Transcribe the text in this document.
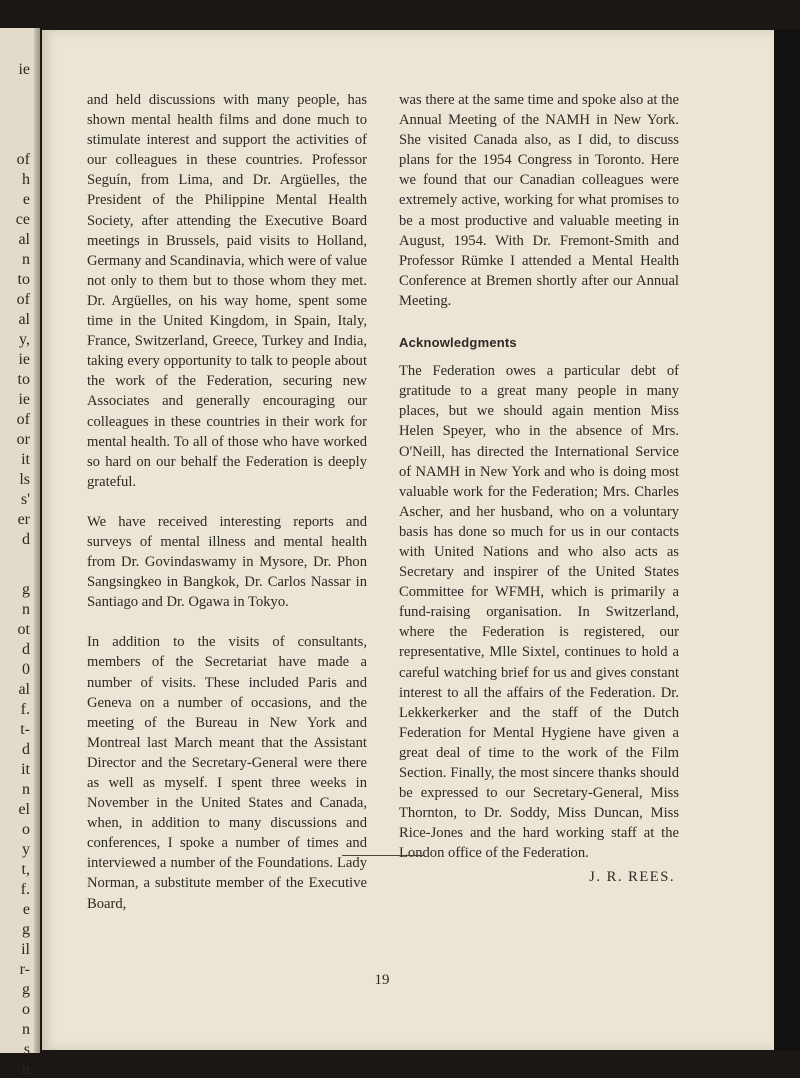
ie
of
h
e
ce
al
n
to
of
al
y,
ie
to
ie
of
or
it
ls
s'
er
d
g
n
ot
d
0
al
f.
t-
d
it
n
el
o
y
t,
f.
e
g
il
r-
g
o
n
s
n

and held discussions with many people, has shown mental health films and done much to stimulate interest and support the activities of our colleagues in these countries. Professor Seguín, from Lima, and Dr. Argüelles, the President of the Philippine Mental Health Society, after attending the Executive Board meetings in Brussels, paid visits to Holland, Germany and Scandinavia, which were of value not only to them but to those whom they met. Dr. Argüelles, on his way home, spent some time in the United Kingdom, in Spain, Italy, France, Switzerland, Greece, Turkey and India, taking every opportunity to talk to people about the work of the Federation, securing new Associates and generally encouraging our colleagues in these countries in their work for mental health. To all of those who have worked so hard on our behalf the Federation is deeply grateful.

We have received interesting reports and surveys of mental illness and mental health from Dr. Govindaswamy in Mysore, Dr. Phon Sangsingkeo in Bangkok, Dr. Carlos Nassar in Santiago and Dr. Ogawa in Tokyo.

In addition to the visits of consultants, members of the Secretariat have made a number of visits. These included Paris and Geneva on a number of occasions, and the meeting of the Bureau in New York and Montreal last March meant that the Assistant Director and the Secretary-General were there as well as myself. I spent three weeks in November in the United States and Canada, when, in addition to many discussions and conferences, I spoke a number of times and interviewed a number of the Foundations. Lady Norman, a substitute member of the Executive Board,

was there at the same time and spoke also at the Annual Meeting of the NAMH in New York. She visited Canada also, as I did, to discuss plans for the 1954 Congress in Toronto. Here we found that our Canadian colleagues were extremely active, working for what promises to be a most productive and valuable meeting in August, 1954. With Dr. Fremont-Smith and Professor Rümke I attended a Mental Health Conference at Bremen shortly after our Annual Meeting.

Acknowledgments

The Federation owes a particular debt of gratitude to a great many people in many places, but we should again mention Miss Helen Speyer, who in the absence of Mrs. O'Neill, has directed the International Service of NAMH in New York and who is doing most valuable work for the Federation; Mrs. Charles Ascher, and her husband, who on a voluntary basis has done so much for us in our contacts with United Nations and who also acts as Secretary and inspirer of the United States Committee for WFMH, which is primarily a fund-raising organisation. In Switzerland, where the Federation is registered, our representative, Mlle Sixtel, continues to hold a careful watching brief for us and gives constant interest to all the affairs of the Federation. Dr. Lekkerkerker and the staff of the Dutch Federation for Mental Hygiene have given a great deal of time to the work of the Film Section. Finally, the most sincere thanks should be expressed to our Secretary-General, Miss Thornton, to Dr. Soddy, Miss Duncan, Miss Rice-Jones and the hard working staff at the London office of the Federation.

J. R. REES.
19
